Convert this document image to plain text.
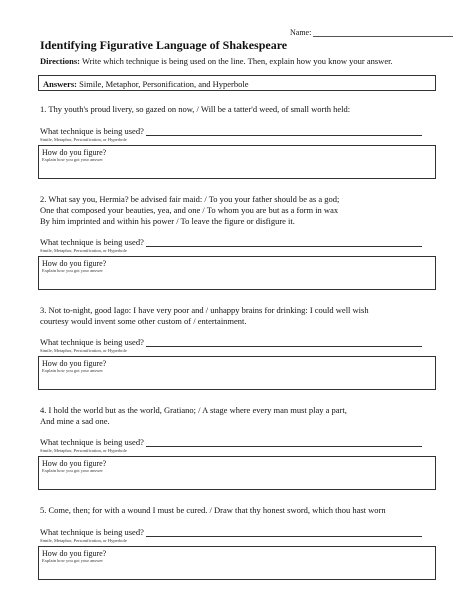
Name:
Identifying Figurative Language of Shakespeare
Directions: Write which technique is being used on the line. Then, explain how you know your answer.
Answers: Simile, Metaphor, Personification, and Hyperbole
1. Thy youth's proud livery, so gazed on now, / Will be a tatter'd weed, of small worth held:
What technique is being used?
Simile, Metaphor, Personification, or Hyperbole
How do you figure?
Explain how you got your answer
2. What say you, Hermia? be advised fair maid: / To you your father should be as a god;
One that composed your beauties, yea, and one / To whom you are but as a form in wax
By him imprinted and within his power / To leave the figure or disfigure it.
What technique is being used?
Simile, Metaphor, Personification, or Hyperbole
How do you figure?
Explain how you got your answer
3. Not to-night, good Iago: I have very poor and / unhappy brains for drinking: I could well wish
courtesy would invent some other custom of / entertainment.
What technique is being used?
Simile, Metaphor, Personification, or Hyperbole
How do you figure?
Explain how you got your answer
4. I hold the world but as the world, Gratiano; / A stage where every man must play a part,
And mine a sad one.
What technique is being used?
Simile, Metaphor, Personification, or Hyperbole
How do you figure?
Explain how you got your answer
5. Come, then; for with a wound I must be cured. / Draw that thy honest sword, which thou hast worn
What technique is being used?
Simile, Metaphor, Personification, or Hyperbole
How do you figure?
Explain how you got your answer
